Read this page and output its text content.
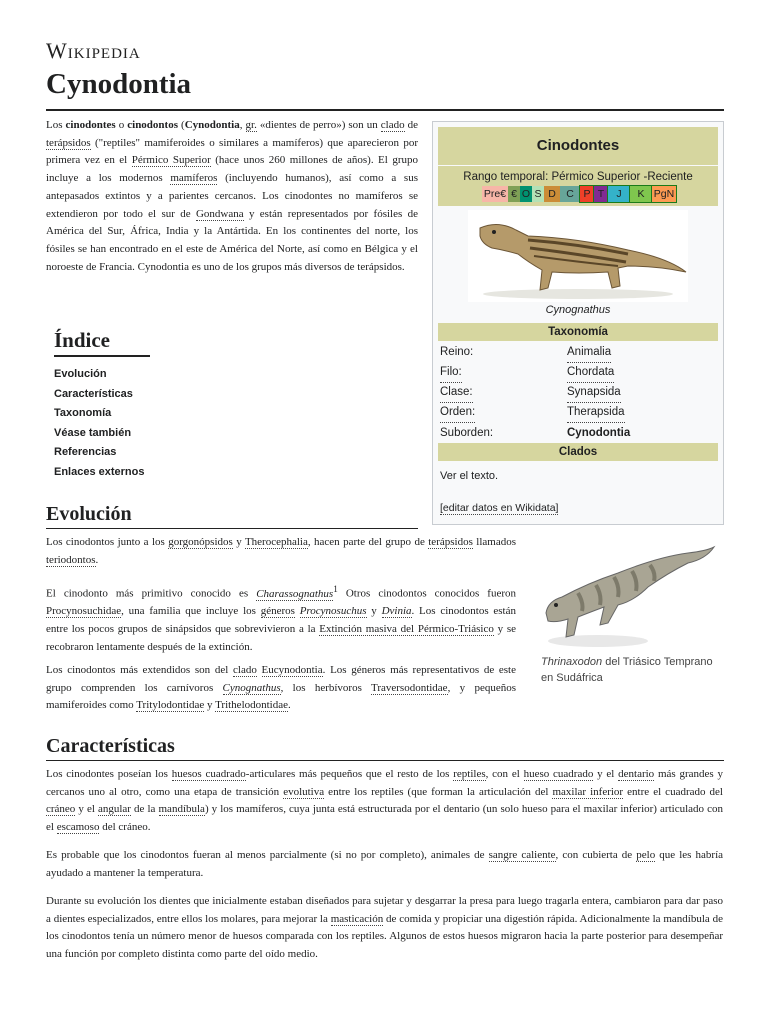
Wikipedia
Cynodontia

Los cinodontes o cinodontos (Cynodontia, gr. «dientes de perro») son un clado de terápsidos ("reptiles" mamiferoides o similares a mamíferos) que aparecieron por primera vez en el Pérmico Superior (hace unos 260 millones de años). El grupo incluye a los modernos mamíferos (incluyendo humanos), así como a sus antepasados extintos y a parientes cercanos. Los cinodontes no mamíferos se extendieron por todo el sur de Gondwana y están representados por fósiles de América del Sur, África, India y la Antártida. En los continentes del norte, los fósiles se han encontrado en el este de América del Norte, así como en Bélgica y el noroeste de Francia. Cynodontia es uno de los grupos más diversos de terápsidos.

Índice
Evolución
Características
Taxonomía
Véase también
Referencias
Enlaces externos
Cinodontes
Rango temporal: Pérmico Superior -Reciente
Pre€ € O S D C P T	J	K PgN
Cynognathus
Taxonomía
Reino:	Animalia
Filo:	Chordata
Clase:	Synapsida
Orden:	Therapsida
Suborden:	Cynodontia
Clados
Ver el texto.
[editar datos en Wikidata]
Evolución

Los cinodontos junto a los gorgonópsidos y Therocephalia, hacen parte del grupo de terápsidos llamados teriodontos.

El cinodonto más primitivo conocido es Charassognathus$^1$ Otros cinodontos conocidos fueron Procynosuchidae, una familia que incluye los géneros Procynosuchus y Dvinia. Los cinodontos están entre los pocos grupos de sinápsidos que sobrevivieron a la Extinción masiva del Pérmico-Triásico y se recobraron lentamente después de la extinción.

Los cinodontos más extendidos son del clado Eucynodontia. Los géneros más representativos de este grupo comprenden los carnívoros Cynognathus, los herbívoros Traversodontidae, y pequeños mamiferoides como Tritylodontidae y Trithelodontidae.

Thrinaxodon del Triásico Temprano en Sudáfrica
Características

Los cinodontes poseían los huesos cuadrado-articulares más pequeños que el resto de los reptiles, con el hueso cuadrado y el dentario más grandes y cercanos uno al otro, como una etapa de transición evolutiva entre los reptiles (que forman la articulación del maxilar inferior entre el cuadrado del cráneo y el angular de la mandíbula) y los mamíferos, cuya junta está estructurada por el dentario (un solo hueso para el maxilar inferior) articulado con el escamoso del cráneo.

Es probable que los cinodontos fueran al menos parcialmente (si no por completo), animales de sangre caliente, con cubierta de pelo que les habría ayudado a mantener la temperatura.

Durante su evolución los dientes que inicialmente estaban diseñados para sujetar y desgarrar la presa para luego tragarla entera, cambiaron para dar paso a dientes especializados, entre ellos los molares, para mejorar la masticación de comida y propiciar una digestión rápida. Adicionalmente la mandíbula de los cinodontos tenía un número menor de huesos comparada con los reptiles. Algunos de estos huesos migraron hacia la parte posterior para desempeñar una función por completo distinta como parte del oído medio.
